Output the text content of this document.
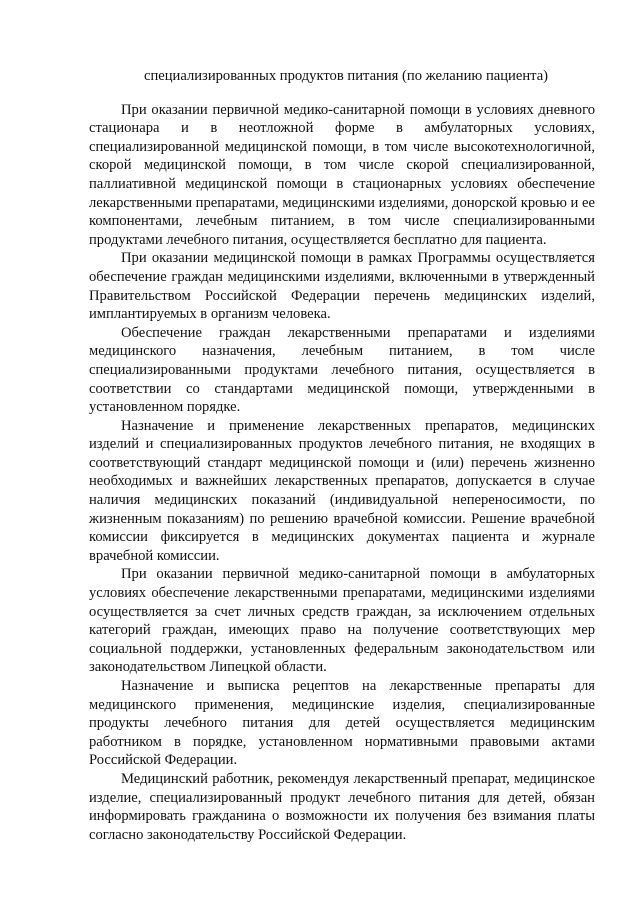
специализированных продуктов питания (по желанию пациента)

При оказании первичной медико-санитарной помощи в условиях дневного стационара и в неотложной форме в амбулаторных условиях, специализированной медицинской помощи, в том числе высокотехнологичной, скорой медицинской помощи, в том числе скорой специализированной, паллиативной медицинской помощи в стационарных условиях обеспечение лекарственными препаратами, медицинскими изделиями, донорской кровью и ее компонентами, лечебным питанием, в том числе специализированными продуктами лечебного питания, осуществляется бесплатно для пациента.

При оказании медицинской помощи в рамках Программы осуществляется обеспечение граждан медицинскими изделиями, включенными в утвержденный Правительством Российской Федерации перечень медицинских изделий, имплантируемых в организм человека.

Обеспечение граждан лекарственными препаратами и изделиями медицинского назначения, лечебным питанием, в том числе специализированными продуктами лечебного питания, осуществляется в соответствии со стандартами медицинской помощи, утвержденными в установленном порядке.

Назначение и применение лекарственных препаратов, медицинских изделий и специализированных продуктов лечебного питания, не входящих в соответствующий стандарт медицинской помощи и (или) перечень жизненно необходимых и важнейших лекарственных препаратов, допускается в случае наличия медицинских показаний (индивидуальной непереносимости, по жизненным показаниям) по решению врачебной комиссии. Решение врачебной комиссии фиксируется в медицинских документах пациента и журнале врачебной комиссии.

При оказании первичной медико-санитарной помощи в амбулаторных условиях обеспечение лекарственными препаратами, медицинскими изделиями осуществляется за счет личных средств граждан, за исключением отдельных категорий граждан, имеющих право на получение соответствующих мер социальной поддержки, установленных федеральным законодательством или законодательством Липецкой области.

Назначение и выписка рецептов на лекарственные препараты для медицинского применения, медицинские изделия, специализированные продукты лечебного питания для детей осуществляется медицинским работником в порядке, установленном нормативными правовыми актами Российской Федерации.

Медицинский работник, рекомендуя лекарственный препарат, медицинское изделие, специализированный продукт лечебного питания для детей, обязан информировать гражданина о возможности их получения без взимания платы согласно законодательству Российской Федерации.
